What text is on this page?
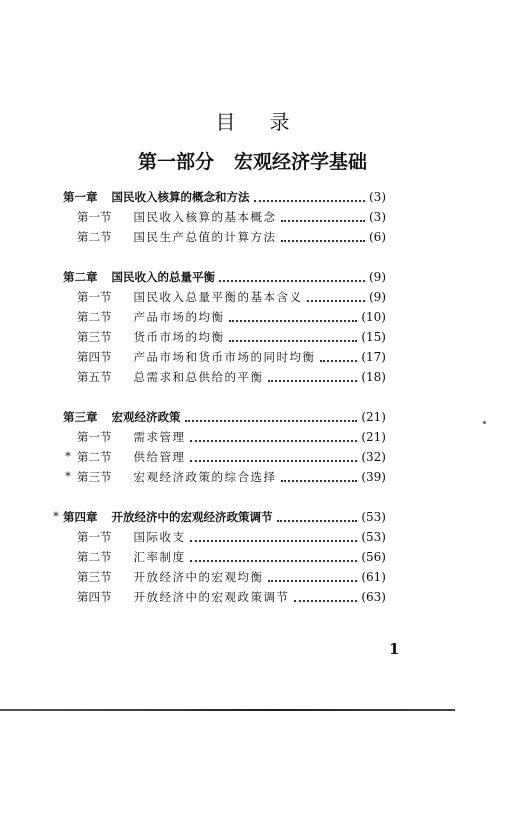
目录
第一部分 宏观经济学基础
第一章 国民收入核算的概念和方法	(3)
第一节 国民收入核算的基本概念	(3)
第二节 国民生产总值的计算方法	(6)
第二章 国民收入的总量平衡	(9)
第一节 国民收入总量平衡的基本含义	(9)
第二节 产品市场的均衡	(10)
第三节 货币市场的均衡	(15)
第四节 产品市场和货币市场的同时均衡	(17)
第五节 总需求和总供给的平衡	(18)
第三章 宏观经济政策	(21)
第一节 需求管理	(21)
* 第二节 供给管理	(32)
* 第三节 宏观经济政策的综合选择	(39)
* 第四章 开放经济中的宏观经济政策调节	(53)
第一节 国际收支	(53)
第二节 汇率制度	(56)
第三节 开放经济中的宏观均衡	(61)
第四节 开放经济中的宏观政策调节	(63)
1
